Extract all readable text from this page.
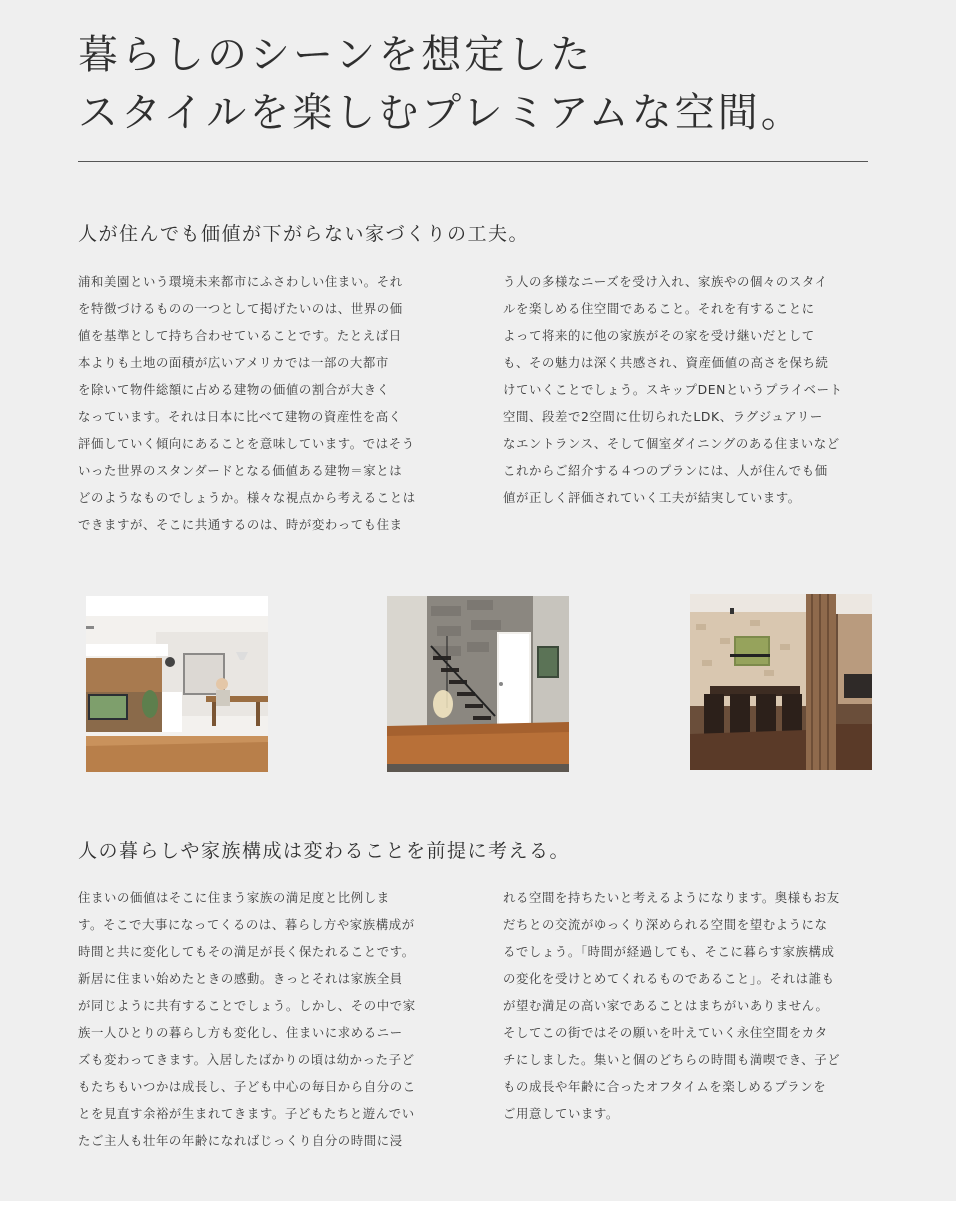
暮らしのシーンを想定した
スタイルを楽しむプレミアムな空間。
人が住んでも価値が下がらない家づくりの工夫。
浦和美園という環境未来都市にふさわしい住まい。それ
を特徴づけるものの一つとして掲げたいのは、世界の価
値を基準として持ち合わせていることです。たとえば日
本よりも土地の面積が広いアメリカでは一部の大都市
を除いて物件総額に占める建物の価値の割合が大きく
なっています。それは日本に比べて建物の資産性を高く
評価していく傾向にあることを意味しています。ではそう
いった世界のスタンダードとなる価値ある建物＝家とは
どのようなものでしょうか。様々な視点から考えることは
できますが、そこに共通するのは、時が変わっても住ま
う人の多様なニーズを受け入れ、家族やの個々のスタイ
ルを楽しめる住空間であること。それを有することに
よって将来的に他の家族がその家を受け継いだとして
も、その魅力は深く共感され、資産価値の高さを保ち続
けていくことでしょう。スキップDENというプライベート
空間、段差で2空間に仕切られたLDK、ラグジュアリー
なエントランス、そして個室ダイニングのある住まいなど
これからご紹介する４つのプランには、人が住んでも価
値が正しく評価されていく工夫が結実しています。
人の暮らしや家族構成は変わることを前提に考える。
住まいの価値はそこに住まう家族の満足度と比例しま
す。そこで大事になってくるのは、暮らし方や家族構成が
時間と共に変化してもその満足が長く保たれることです。
新居に住まい始めたときの感動。きっとそれは家族全員
が同じように共有することでしょう。しかし、その中で家
族一人ひとりの暮らし方も変化し、住まいに求めるニー
ズも変わってきます。入居したばかりの頃は幼かった子ど
もたちもいつかは成長し、子ども中心の毎日から自分のこ
とを見直す余裕が生まれてきます。子どもたちと遊んでい
たご主人も壮年の年齢になればじっくり自分の時間に浸
れる空間を持ちたいと考えるようになります。奥様もお友
だちとの交流がゆっくり深められる空間を望むようにな
るでしょう。「時間が経過しても、そこに暮らす家族構成
の変化を受けとめてくれるものであること」。それは誰も
が望む満足の高い家であることはまちがいありません。
そしてこの街ではその願いを叶えていく永住空間をカタ
チにしました。集いと個のどちらの時間も満喫でき、子ど
もの成長や年齢に合ったオフタイムを楽しめるプランを
ご用意しています。
